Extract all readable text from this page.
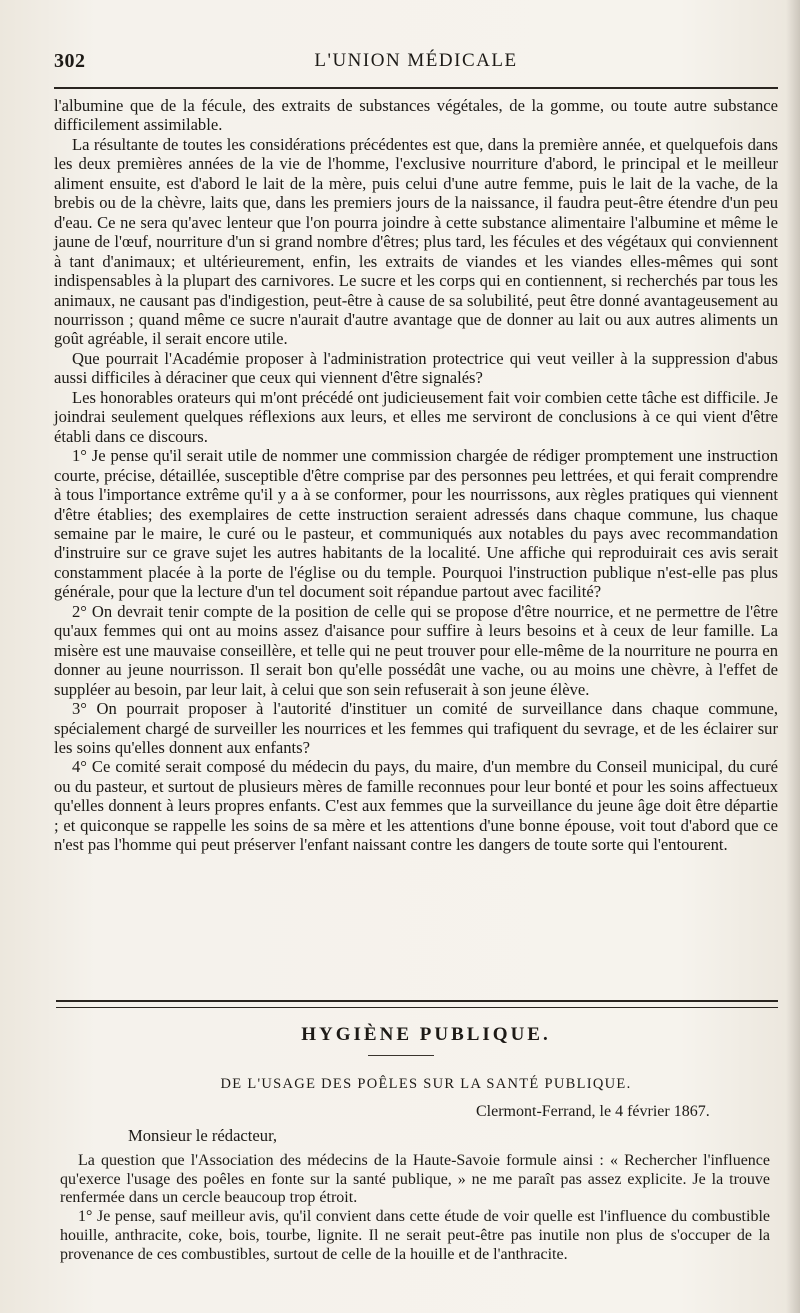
302	L'UNION MÉDICALE

l'albumine que de la fécule, des extraits de substances végétales, de la gomme, ou toute autre substance difficilement assimilable.

La résultante de toutes les considérations précédentes est que, dans la première année, et quelquefois dans les deux premières années de la vie de l'homme, l'exclusive nourriture d'abord, le principal et le meilleur aliment ensuite, est d'abord le lait de la mère, puis celui d'une autre femme, puis le lait de la vache, de la brebis ou de la chèvre, laits que, dans les premiers jours de la naissance, il faudra peut-être étendre d'un peu d'eau. Ce ne sera qu'avec lenteur que l'on pourra joindre à cette substance alimentaire l'albumine et même le jaune de l'œuf, nourriture d'un si grand nombre d'êtres; plus tard, les fécules et des végétaux qui conviennent à tant d'animaux; et ultérieurement, enfin, les extraits de viandes et les viandes elles-mêmes qui sont indispensables à la plupart des carnivores. Le sucre et les corps qui en contiennent, si recherchés par tous les animaux, ne causant pas d'indigestion, peut-être à cause de sa solubilité, peut être donné avantageusement au nourrisson ; quand même ce sucre n'aurait d'autre avantage que de donner au lait ou aux autres aliments un goût agréable, il serait encore utile.

Que pourrait l'Académie proposer à l'administration protectrice qui veut veiller à la suppression d'abus aussi difficiles à déraciner que ceux qui viennent d'être signalés?

Les honorables orateurs qui m'ont précédé ont judicieusement fait voir combien cette tâche est difficile. Je joindrai seulement quelques réflexions aux leurs, et elles me serviront de conclusions à ce qui vient d'être établi dans ce discours.

1° Je pense qu'il serait utile de nommer une commission chargée de rédiger promptement une instruction courte, précise, détaillée, susceptible d'être comprise par des personnes peu lettrées, et qui ferait comprendre à tous l'importance extrême qu'il y a à se conformer, pour les nourrissons, aux règles pratiques qui viennent d'être établies; des exemplaires de cette instruction seraient adressés dans chaque commune, lus chaque semaine par le maire, le curé ou le pasteur, et communiqués aux notables du pays avec recommandation d'instruire sur ce grave sujet les autres habitants de la localité. Une affiche qui reproduirait ces avis serait constamment placée à la porte de l'église ou du temple. Pourquoi l'instruction publique n'est-elle pas plus générale, pour que la lecture d'un tel document soit répandue partout avec facilité?

2° On devrait tenir compte de la position de celle qui se propose d'être nourrice, et ne permettre de l'être qu'aux femmes qui ont au moins assez d'aisance pour suffire à leurs besoins et à ceux de leur famille. La misère est une mauvaise conseillère, et telle qui ne peut trouver pour elle-même de la nourriture ne pourra en donner au jeune nourrisson. Il serait bon qu'elle possédât une vache, ou au moins une chèvre, à l'effet de suppléer au besoin, par leur lait, à celui que son sein refuserait à son jeune élève.

3° On pourrait proposer à l'autorité d'instituer un comité de surveillance dans chaque commune, spécialement chargé de surveiller les nourrices et les femmes qui trafiquent du sevrage, et de les éclairer sur les soins qu'elles donnent aux enfants?

4° Ce comité serait composé du médecin du pays, du maire, d'un membre du Conseil municipal, du curé ou du pasteur, et surtout de plusieurs mères de famille reconnues pour leur bonté et pour les soins affectueux qu'elles donnent à leurs propres enfants. C'est aux femmes que la surveillance du jeune âge doit être départie ; et quiconque se rappelle les soins de sa mère et les attentions d'une bonne épouse, voit tout d'abord que ce n'est pas l'homme qui peut préserver l'enfant naissant contre les dangers de toute sorte qui l'entourent.

HYGIÈNE PUBLIQUE.
DE L'USAGE DES POÊLES SUR LA SANTÉ PUBLIQUE.
Clermont-Ferrand, le 4 février 1867.
Monsieur le rédacteur,

La question que l'Association des médecins de la Haute-Savoie formule ainsi : « Rechercher l'influence qu'exerce l'usage des poêles en fonte sur la santé publique, » ne me paraît pas assez explicite. Je la trouve renfermée dans un cercle beaucoup trop étroit.

1° Je pense, sauf meilleur avis, qu'il convient dans cette étude de voir quelle est l'influence du combustible houille, anthracite, coke, bois, tourbe, lignite. Il ne serait peut-être pas inutile non plus de s'occuper de la provenance de ces combustibles, surtout de celle de la houille et de l'anthracite.
